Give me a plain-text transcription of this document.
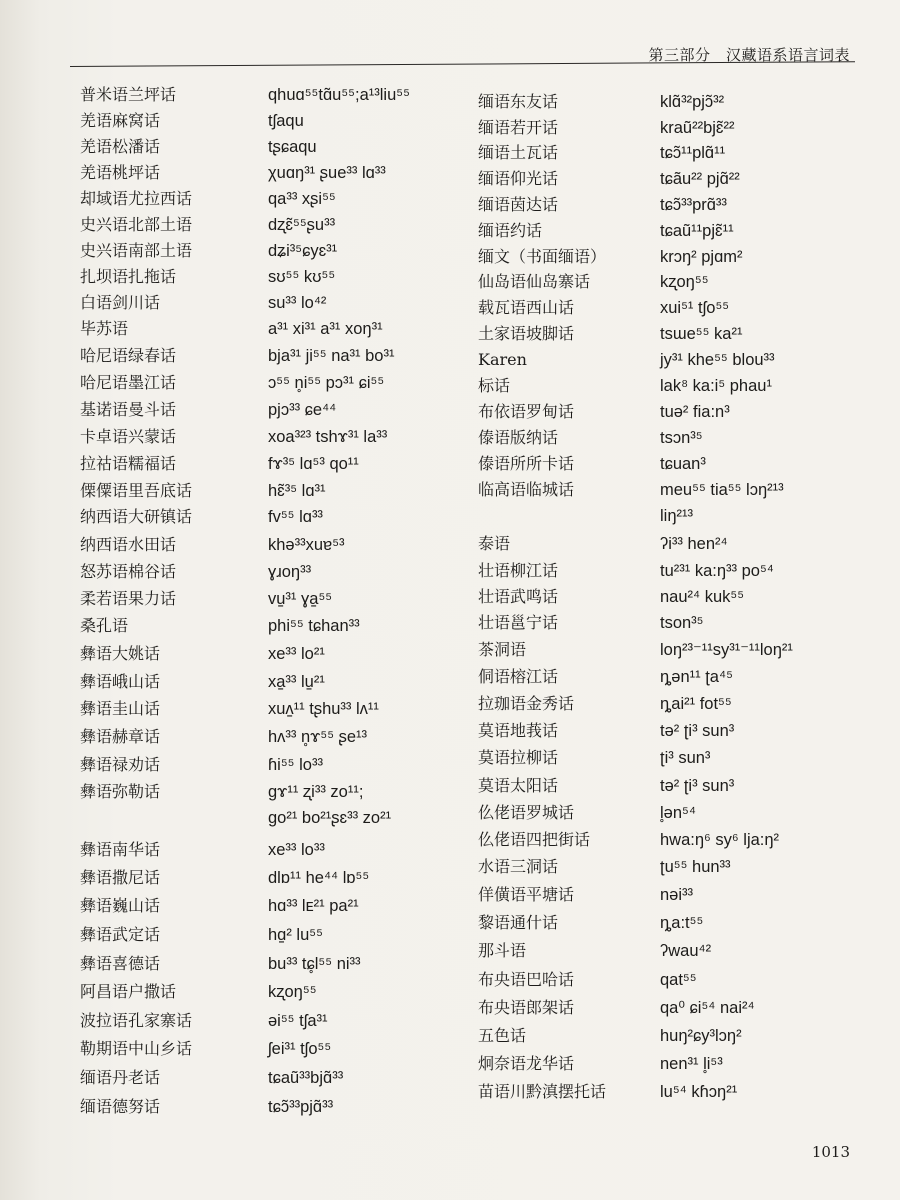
第三部分　汉藏语系语言词表
普米语兰坪话
羌语麻窝话
羌语松潘话
羌语桃坪话
却域语尤拉西话
史兴语北部土语
史兴语南部土语
扎坝语扎拖话
白语剑川话
毕苏语
哈尼语绿春话
哈尼语墨江话
基诺语曼斗话
卡卓语兴蒙话
拉祜语糯福话
傈僳语里吾底话
纳西语大研镇话
纳西语水田话
怒苏语棉谷话
柔若语果力话
桑孔语
彝语大姚话
彝语峨山话
彝语圭山话
彝语赫章话
彝语禄劝话
彝语弥勒话
彝语南华话
彝语撒尼话
彝语巍山话
彝语武定话
彝语喜德话
阿昌语户撒话
波拉语孔家寨话
勒期语中山乡话
缅语丹老话
缅语德努话
qhuɑ⁵⁵tɑ̃u⁵⁵;a¹³liu⁵⁵
tʃaqu
tʂɕaqu
χuɑŋ³¹ ʂue³³ lɑ³³
qa³³ xʂi⁵⁵
dʐɛ̃⁵⁵ʂu³³
dʑi³⁵ɕyɛ³¹
sʊ⁵⁵ kʊ⁵⁵
su³³ lo⁴²
a³¹ xi³¹ a³¹ xoŋ³¹
bja³¹ ji⁵⁵ na³¹ bo³¹
ɔ⁵⁵ n̥i⁵⁵ pɔ³¹ ɕi⁵⁵
pjɔ³³ ɕe⁴⁴
xoa³²³ tshɤ³¹ la³³
fɤ³⁵ lɑ⁵³ qo¹¹
hɛ̃³⁵ lɑ³¹
fv⁵⁵ lɑ³³
khə³³xuɐ⁵³
ɣɹoŋ³³
vu̠³¹ ɣa̠⁵⁵
phi⁵⁵ tɕhan³³
xe³³ lo²¹
xa̠³³ lu̠²¹
xuʌ̠¹¹ tʂhu³³ lʌ¹¹
hʌ³³ n̥ɤ⁵⁵ ʂe¹³
ɦi⁵⁵ lo³³
ɡɤ¹¹ ʐi³³ zo¹¹;
ɡo²¹ bo²¹ʂɛ³³ zo²¹
xe³³ lo³³
dlɒ¹¹ he⁴⁴ lɒ⁵⁵
hɑ³³ lᴇ²¹ pa²¹
hɑ̠² lu⁵⁵
bu³³ tɕ̥l⁵⁵ ni³³
kʐoŋ⁵⁵
əi⁵⁵ tʃa³¹
ʃei³¹ tʃo⁵⁵
tɕaũ³³bjɑ̃³³
tɕɔ̃³³pjɑ̃³³
缅语东友话
缅语若开话
缅语土瓦话
缅语仰光话
缅语茵达话
缅语约话
缅文（书面缅语）
仙岛语仙岛寨话
载瓦语西山话
土家语坡脚话
Karen
标话
布依语罗甸话
傣语版纳话
傣语所所卡话
临高语临城话
泰语
壮语柳江话
壮语武鸣话
壮语邕宁话
茶洞语
侗语榕江话
拉珈语金秀话
莫语地莪话
莫语拉柳话
莫语太阳话
仫佬语罗城话
仫佬语四把街话
水语三洞话
佯僙语平塘话
黎语通什话
那斗语
布央语巴哈话
布央语郎架话
五色话
炯奈语龙华话
苗语川黔滇摆托话
klɑ̃³²pjɔ̃³²
kraũ²²bjɛ̃²²
tɕɔ̃¹¹plɑ̃¹¹
tɕãu²² pjɑ̃²²
tɕɔ̃³³prɑ̃³³
tɕaũ¹¹pjɛ̃¹¹
krɔŋ² pjɑm²
kʐoŋ⁵⁵
xui⁵¹ tʃo⁵⁵
tsɯe⁵⁵ ka²¹
jy³¹ khe⁵⁵ blou³³
lak⁸ ka:i⁵ phau¹
tuə² fia:n³
tsɔn³⁵
tɕuan³
meu⁵⁵ tia⁵⁵ lɔŋ²¹³
liŋ²¹³
ʔi³³ hen²⁴
tu²³¹ ka:ŋ³³ po⁵⁴
nau²⁴ kuk⁵⁵
tson³⁵
loŋ²³⁻¹¹sy³¹⁻¹¹loŋ²¹
ȵən¹¹ ʈa⁴⁵
ȵai²¹ fot⁵⁵
tə² ʈi³ sun³
ʈi³ sun³
tə² ʈi³ sun³
l̥ən⁵⁴
hwa:ŋ⁶ sy⁶ lja:ŋ²
ʈu⁵⁵ hun³³
nəi³³
ȵa:t⁵⁵
ʔwau⁴²
qat⁵⁵
qa⁰ ɕi⁵⁴ nai²⁴
huŋ²ɕy³lɔŋ²
nen³¹ l̥i⁵³
lu⁵⁴ kɦɔŋ²¹
1013
